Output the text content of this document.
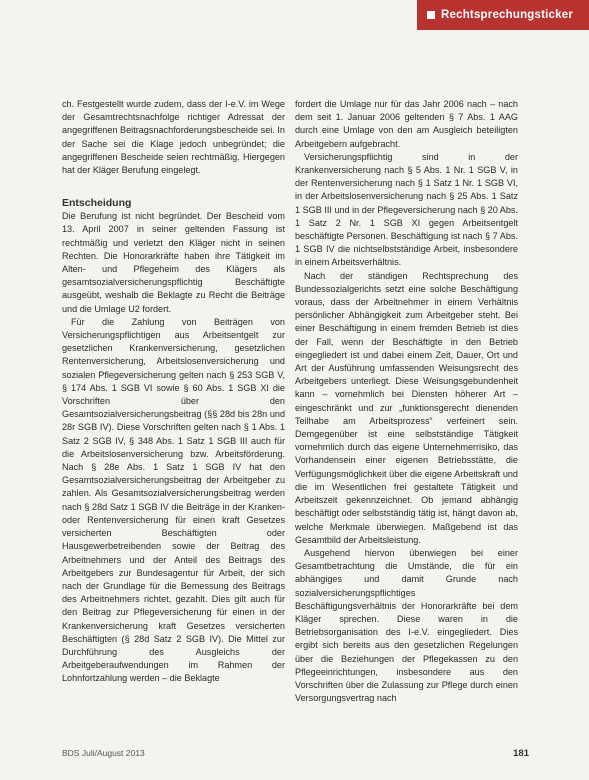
Rechtsprechungsticker

ch. Festgestellt wurde zudem, dass der I-e.V. im Wege der Gesamtrechtsnachfolge richtiger Adressat der angegriffenen Beitragsnachforderungsbescheide sei. In der Sache sei die Klage jedoch unbegründet; die angegriffenen Bescheide seien rechtmäßig. Hiergegen hat der Kläger Berufung eingelegt.

Entscheidung

Die Berufung ist nicht begründet. Der Bescheid vom 13. April 2007 in seiner geltenden Fassung ist rechtmäßig und verletzt den Kläger nicht in seinen Rechten. Die Honorarkräfte haben ihre Tätigkeit im Alten- und Pflegeheim des Klägers als gesamtsozialversicherungspflichtig Beschäftigte ausgeübt, weshalb die Beklagte zu Recht die Beiträge und die Umlage U2 fordert.

Für die Zahlung von Beiträgen von Versicherungspflichtigen aus Arbeitsentgelt zur gesetzlichen Krankenversicherung, gesetzlichen Rentenversicherung, Arbeitslosenversicherung und sozialen Pflegeversicherung gelten nach § 253 SGB V, § 174 Abs. 1 SGB VI sowie § 60 Abs. 1 SGB XI die Vorschriften über den Gesamtsozialversicherungsbeitrag (§§ 28d bis 28n und 28r SGB IV). Diese Vorschriften gelten nach § 1 Abs. 1 Satz 2 SGB IV, § 348 Abs. 1 Satz 1 SGB III auch für die Arbeitslosenversicherung bzw. Arbeitsförderung. Nach § 28e Abs. 1 Satz 1 SGB IV hat den Gesamtsozialversicherungsbeitrag der Arbeitgeber zu zahlen. Als Gesamtsozialversicherungsbeitrag werden nach § 28d Satz 1 SGB IV die Beiträge in der Kranken- oder Rentenversicherung für einen kraft Gesetzes versicherten Beschäftigten oder Hausgewerbetreibenden sowie der Beitrag des Arbeitnehmers und der Anteil des Beitrags des Arbeitgebers zur Bundesagentur für Arbeit, der sich nach der Grundlage für die Bemessung des Beitrags des Arbeitnehmers richtet, gezahlt. Dies gilt auch für den Beitrag zur Pflegeversicherung für einen in der Krankenversicherung kraft Gesetzes versicherten Beschäftigten (§ 28d Satz 2 SGB IV). Die Mittel zur Durchführung des Ausgleichs der Arbeitgeberaufwendungen im Rahmen der Lohnfortzahlung werden – die Beklagte

fordert die Umlage nur für das Jahr 2006 nach – nach dem seit 1. Januar 2006 geltenden § 7 Abs. 1 AAG durch eine Umlage von den am Ausgleich beteiligten Arbeitgebern aufgebracht.

Versicherungspflichtig sind in der Krankenversicherung nach § 5 Abs. 1 Nr. 1 SGB V, in der Rentenversicherung nach § 1 Satz 1 Nr. 1 SGB VI, in der Arbeitslosenversicherung nach § 25 Abs. 1 Satz 1 SGB III und in der Pflegeversicherung nach § 20 Abs. 1 Satz 2 Nr. 1 SGB XI gegen Arbeitsentgelt beschäftigte Personen. Beschäftigung ist nach § 7 Abs. 1 SGB IV die nichtselbstständige Arbeit, insbesondere in einem Arbeitsverhältnis.

Nach der ständigen Rechtsprechung des Bundessozialgerichts setzt eine solche Beschäftigung voraus, dass der Arbeitnehmer in einem Verhältnis persönlicher Abhängigkeit zum Arbeitgeber steht. Bei einer Beschäftigung in einem fremden Betrieb ist dies der Fall, wenn der Beschäftigte in den Betrieb eingegliedert ist und dabei einem Zeit, Dauer, Ort und Art der Ausführung umfassenden Weisungsrecht des Arbeitgebers unterliegt. Diese Weisungsgebundenheit kann – vornehmlich bei Diensten höherer Art – eingeschränkt und zur „funktionsgerecht dienenden Teilhabe am Arbeitsprozess“ verfeinert sein. Demgegenüber ist eine selbstständige Tätigkeit vornehmlich durch das eigene Unternehmerrisiko, das Vorhandensein einer eigenen Betriebsstätte, die Verfügungsmöglichkeit über die eigene Arbeitskraft und die im Wesentlichen frei gestaltete Tätigkeit und Arbeitszeit gekennzeichnet. Ob jemand abhängig beschäftigt oder selbstständig tätig ist, hängt davon ab, welche Merkmale überwiegen. Maßgebend ist das Gesamtbild der Arbeitsleistung.

Ausgehend hiervon überwiegen bei einer Gesamtbetrachtung die Umstände, die für ein abhängiges und damit Grunde nach sozialversicherungspflichtiges Beschäftigungsverhältnis der Honorarkräfte bei dem Kläger sprechen. Diese waren in die Betriebsorganisation des I-e.V. eingegliedert. Dies ergibt sich bereits aus den gesetzlichen Regelungen über die Beziehungen der Pflegekassen zu den Pflegeeinrichtungen, insbesondere aus den Vorschriften über die Zulassung zur Pflege durch einen Versorgungsvertrag nach

BDS Juli/August 2013	181
